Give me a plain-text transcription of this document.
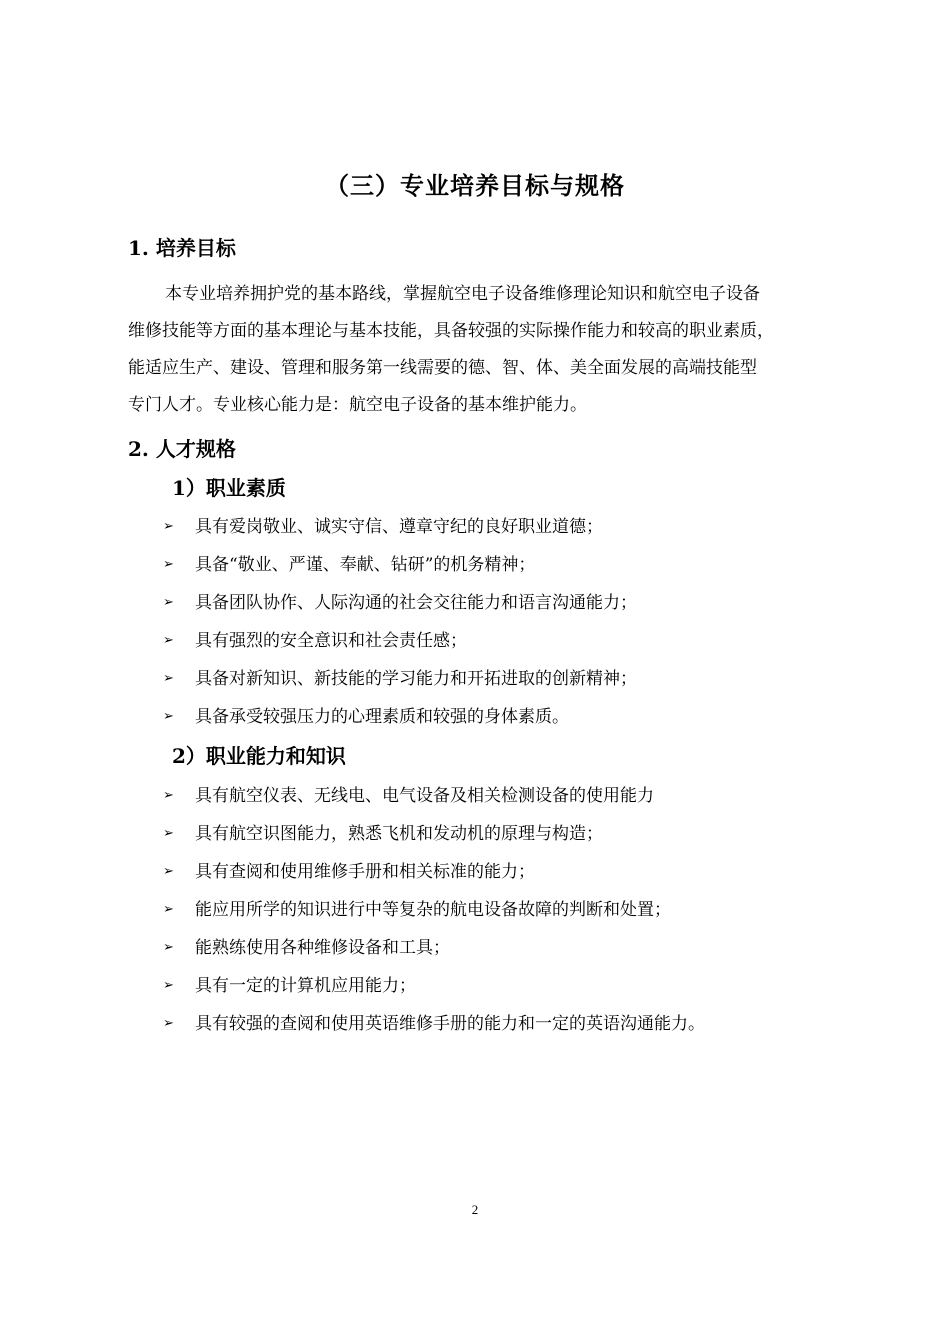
（三）专业培养目标与规格
1. 培养目标
本专业培养拥护党的基本路线，掌握航空电子设备维修理论知识和航空电子设备
维修技能等方面的基本理论与基本技能，具备较强的实际操作能力和较高的职业素质，
能适应生产、建设、管理和服务第一线需要的德、智、体、美全面发展的高端技能型
专门人才。专业核心能力是：航空电子设备的基本维护能力。
2. 人才规格
1）职业素质
➢	具有爱岗敬业、诚实守信、遵章守纪的良好职业道德；
➢	具备“敬业、严谨、奉献、钻研”的机务精神；
➢	具备团队协作、人际沟通的社会交往能力和语言沟通能力；
➢	具有强烈的安全意识和社会责任感；
➢	具备对新知识、新技能的学习能力和开拓进取的创新精神；
➢	具备承受较强压力的心理素质和较强的身体素质。
2）职业能力和知识
➢	具有航空仪表、无线电、电气设备及相关检测设备的使用能力
➢	具有航空识图能力，熟悉飞机和发动机的原理与构造；
➢	具有查阅和使用维修手册和相关标准的能力；
➢	能应用所学的知识进行中等复杂的航电设备故障的判断和处置；
➢	能熟练使用各种维修设备和工具；
➢	具有一定的计算机应用能力；
➢	具有较强的查阅和使用英语维修手册的能力和一定的英语沟通能力。
2
